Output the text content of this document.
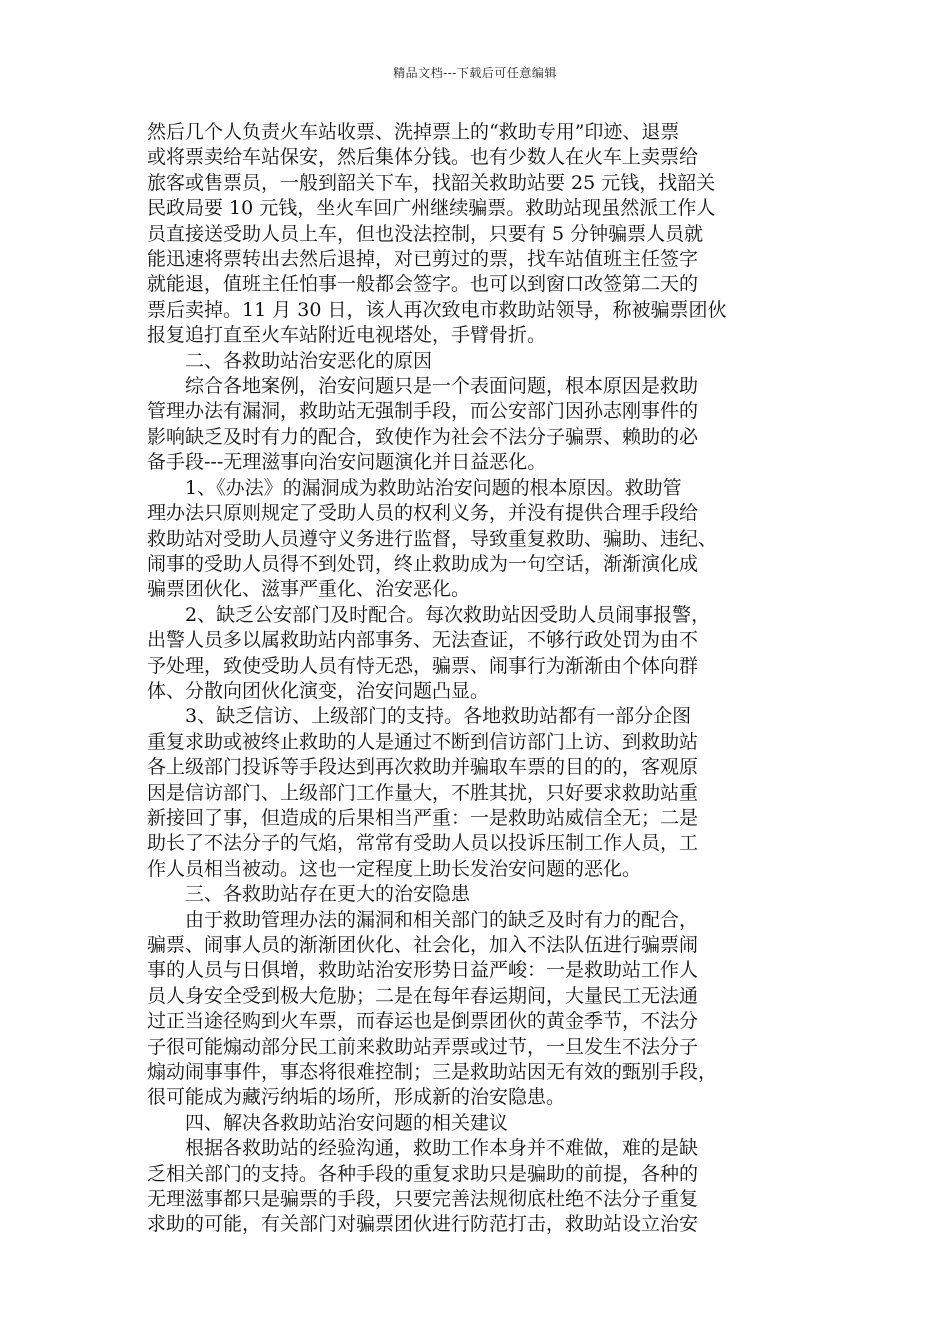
精品文档---下载后可任意编辑

然后几个人负责火车站收票、洗掉票上的“救助专用”印迹、退票
或将票卖给车站保安，然后集体分钱。也有少数人在火车上卖票给
旅客或售票员，一般到韶关下车，找韶关救助站要 25 元钱，找韶关
民政局要 10 元钱，坐火车回广州继续骗票。救助站现虽然派工作人
员直接送受助人员上车，但也没法控制，只要有 5 分钟骗票人员就
能迅速将票转出去然后退掉，对已剪过的票，找车站值班主任签字
就能退，值班主任怕事一般都会签字。也可以到窗口改签第二天的
票后卖掉。11 月 30 日，该人再次致电市救助站领导，称被骗票团伙
报复追打直至火车站附近电视塔处，手臂骨折。

二、各救助站治安恶化的原因

综合各地案例，治安问题只是一个表面问题，根本原因是救助
管理办法有漏洞，救助站无强制手段，而公安部门因孙志刚事件的
影响缺乏及时有力的配合，致使作为社会不法分子骗票、赖助的必
备手段---无理滋事向治安问题演化并日益恶化。

1、《办法》的漏洞成为救助站治安问题的根本原因。救助管
理办法只原则规定了受助人员的权利义务，并没有提供合理手段给
救助站对受助人员遵守义务进行监督，导致重复救助、骗助、违纪、
闹事的受助人员得不到处罚，终止救助成为一句空话，渐渐演化成
骗票团伙化、滋事严重化、治安恶化。

2、缺乏公安部门及时配合。每次救助站因受助人员闹事报警，
出警人员多以属救助站内部事务、无法查证，不够行政处罚为由不
予处理，致使受助人员有恃无恐，骗票、闹事行为渐渐由个体向群
体、分散向团伙化演变，治安问题凸显。

3、缺乏信访、上级部门的支持。各地救助站都有一部分企图
重复求助或被终止救助的人是通过不断到信访部门上访、到救助站
各上级部门投诉等手段达到再次救助并骗取车票的目的的，客观原
因是信访部门、上级部门工作量大，不胜其扰，只好要求救助站重
新接回了事，但造成的后果相当严重：一是救助站威信全无；二是
助长了不法分子的气焰，常常有受助人员以投诉压制工作人员，工
作人员相当被动。这也一定程度上助长发治安问题的恶化。

三、各救助站存在更大的治安隐患

由于救助管理办法的漏洞和相关部门的缺乏及时有力的配合，
骗票、闹事人员的渐渐团伙化、社会化，加入不法队伍进行骗票闹
事的人员与日俱增，救助站治安形势日益严峻：一是救助站工作人
员人身安全受到极大危胁；二是在每年春运期间，大量民工无法通
过正当途径购到火车票，而春运也是倒票团伙的黄金季节，不法分
子很可能煽动部分民工前来救助站弄票或过节，一旦发生不法分子
煽动闹事事件，事态将很难控制；三是救助站因无有效的甄别手段，
很可能成为藏污纳垢的场所，形成新的治安隐患。

四、解决各救助站治安问题的相关建议

根据各救助站的经验沟通，救助工作本身并不难做，难的是缺
乏相关部门的支持。各种手段的重复求助只是骗助的前提，各种的
无理滋事都只是骗票的手段，只要完善法规彻底杜绝不法分子重复
求助的可能，有关部门对骗票团伙进行防范打击，救助站设立治安
